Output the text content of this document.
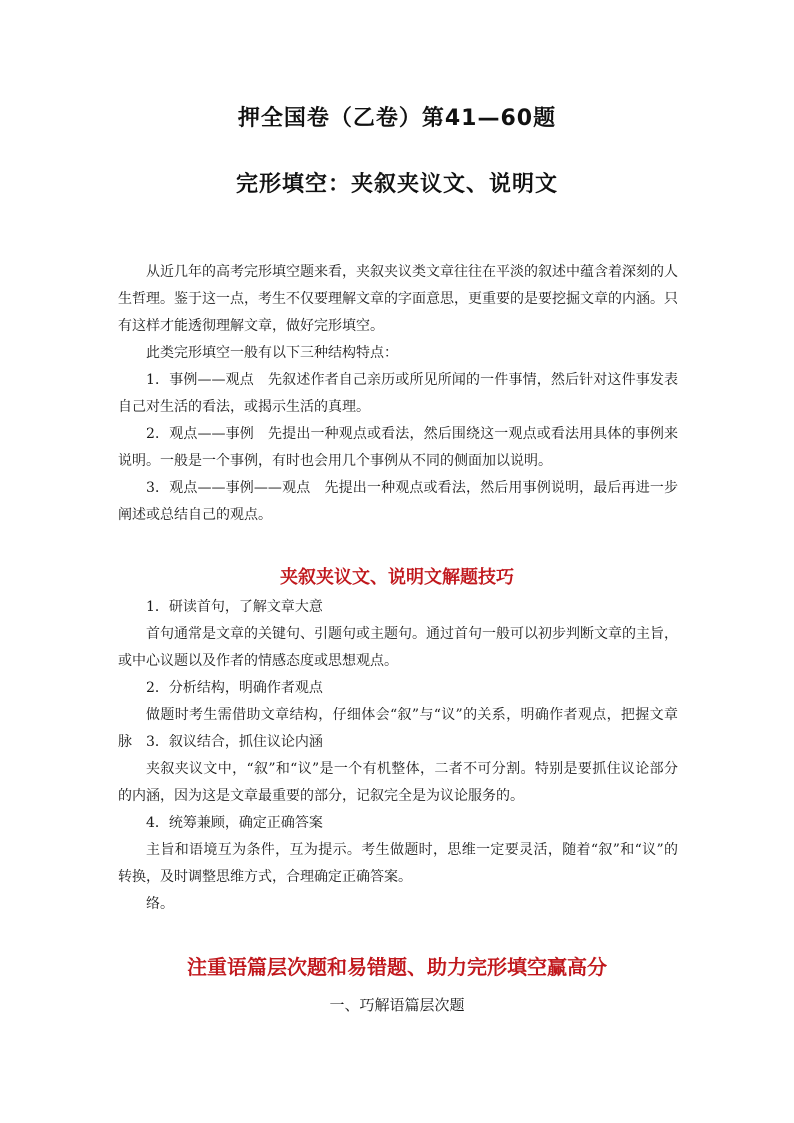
押全国卷（乙卷）第41—60题
完形填空：夹叙夹议文、说明文

从近几年的高考完形填空题来看，夹叙夹议类文章往往在平淡的叙述中蕴含着深刻的人生哲理。鉴于这一点，考生不仅要理解文章的字面意思，更重要的是要挖掘文章的内涵。只有这样才能透彻理解文章，做好完形填空。

此类完形填空一般有以下三种结构特点：

1．事例——观点　先叙述作者自己亲历或所见所闻的一件事情，然后针对这件事发表自己对生活的看法，或揭示生活的真理。

2．观点——事例　先提出一种观点或看法，然后围绕这一观点或看法用具体的事例来说明。一般是一个事例，有时也会用几个事例从不同的侧面加以说明。

3．观点——事例——观点　先提出一种观点或看法，然后用事例说明，最后再进一步阐述或总结自己的观点。

夹叙夹议文、说明文解题技巧

1．研读首句，了解文章大意

首句通常是文章的关键句、引题句或主题句。通过首句一般可以初步判断文章的主旨，或中心议题以及作者的情感态度或思想观点。

2．分析结构，明确作者观点

做题时考生需借助文章结构，仔细体会“叙”与“议”的关系，明确作者观点，把握文章脉	3．叙议结合，抓住议论内涵

夹叙夹议文中，“叙”和“议”是一个有机整体，二者不可分割。特别是要抓住议论部分的内涵，因为这是文章最重要的部分，记叙完全是为议论服务的。

4．统筹兼顾，确定正确答案

主旨和语境互为条件，互为提示。考生做题时，思维一定要灵活，随着“叙”和“议”的转换，及时调整思维方式，合理确定正确答案。

络。

注重语篇层次题和易错题、助力完形填空赢高分

一、巧解语篇层次题
